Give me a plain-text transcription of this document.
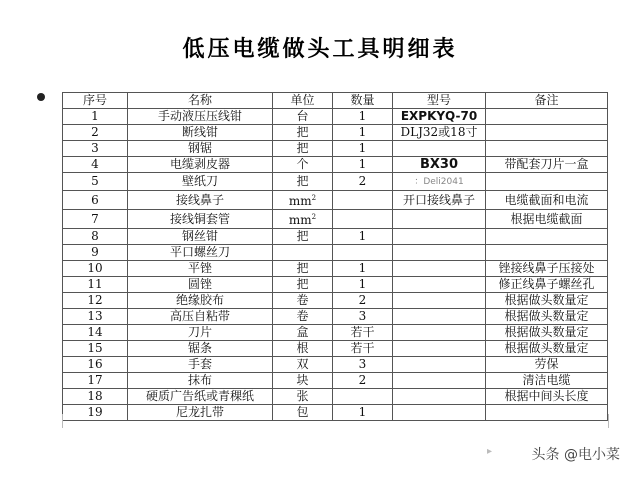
低压电缆做头工具明细表
序号	名称	单位	数量	型号	备注
1	手动液压压线钳	台	1	EXPKYQ-70	
2	断线钳	把	1	DLJ32或18寸	
3	钢锯	把	1		
4	电缆剥皮器	个	1	BX30	带配套刀片一盒
5	壁纸刀	把	2	：Deli2041	
6	接线鼻子	$mm^2$		开口接线鼻子	电缆截面和电流
7	接线铜套管	$mm^2$			根据电缆截面
8	钢丝钳	把	1		
9	平口螺丝刀				
10	平锉	把	1		锉接线鼻子压接处
11	圆锉	把	1		修正线鼻子螺丝孔
12	绝缘胶布	卷	2		根据做头数量定
13	高压自粘带	卷	3		根据做头数量定
14	刀片	盒	若干		根据做头数量定
15	锯条	根	若干		根据做头数量定
16	手套	双	3		劳保
17	抹布	块	2		清洁电缆
18	硬质广告纸或青稞纸	张			根据中间头长度
19	尼龙扎带	包	1		
▸	头条 @电小菜
